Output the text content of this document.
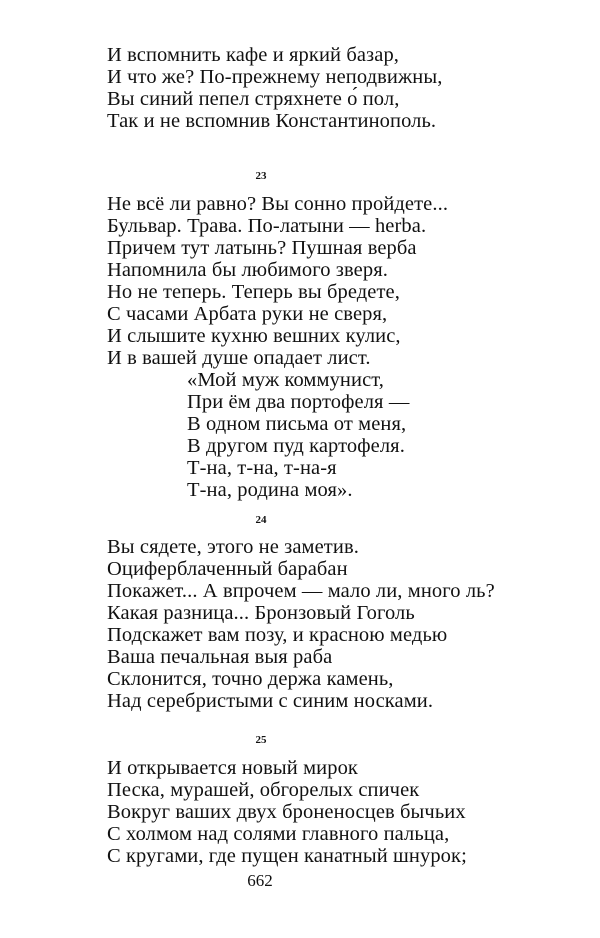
И вспомнить кафе и яркий базар,
И что же? По-прежнему неподвижны,
Вы синий пепел стряхнете о́ пол,
Так и не вспомнив Константинополь.
23
Не всё ли равно? Вы сонно пройдете...
Бульвар. Трава. По-латыни — herba.
Причем тут латынь? Пушная верба
Напомнила бы любимого зверя.
Но не теперь. Теперь вы бредете,
С часами Арбата руки не сверя,
И слышите кухню вешних кулис,
И в вашей душе опадает лист.
«Мой муж коммунист,
При ём два портофеля —
В одном письма от меня,
В другом пуд картофеля.
Т-на, т-на, т-на-я
Т-на, родина моя».
24
Вы сядете, этого не заметив.
Оциферблаченный барабан
Покажет... А впрочем — мало ли, много ль?
Какая разница... Бронзовый Гоголь
Подскажет вам позу, и красною медью
Ваша печальная выя раба
Склонится, точно держа камень,
Над серебристыми с синим носками.
25
И открывается новый мирок
Песка, мурашей, обгорелых спичек
Вокруг ваших двух броненосцев бычьих
С холмом над солями главного пальца,
С кругами, где пущен канатный шнурок;
662
